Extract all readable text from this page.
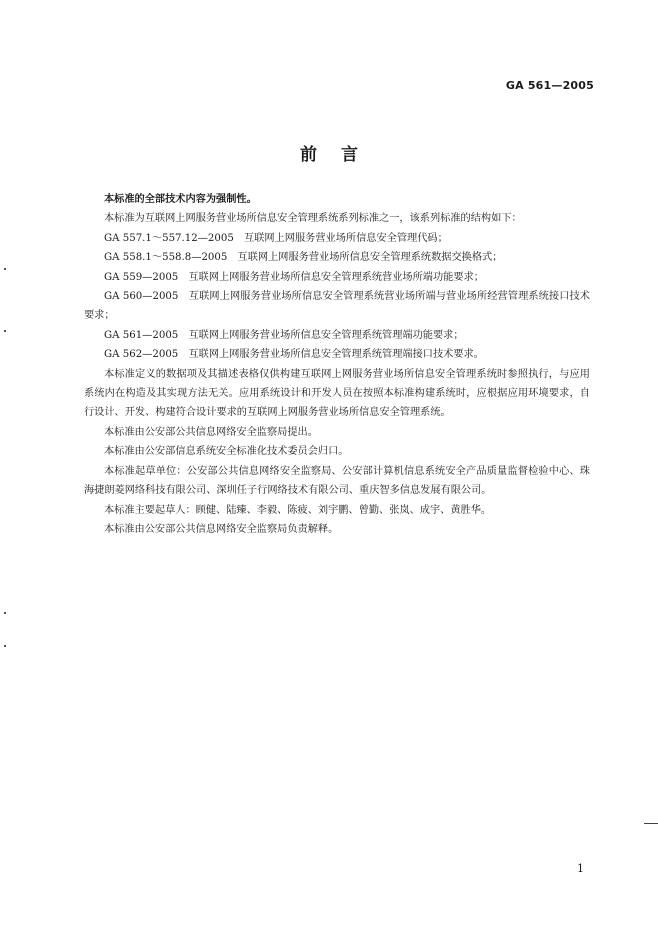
GA 561—2005
前言

本标准的全部技术内容为强制性。

本标准为互联网上网服务营业场所信息安全管理系统系列标准之一，该系列标准的结构如下：

GA 557.1～557.12—2005　互联网上网服务营业场所信息安全管理代码；

GA 558.1～558.8—2005　互联网上网服务营业场所信息安全管理系统数据交换格式；

GA 559—2005　互联网上网服务营业场所信息安全管理系统营业场所端功能要求；

GA 560—2005　互联网上网服务营业场所信息安全管理系统营业场所端与营业场所经营管理系统接口技术要求；

GA 561—2005　互联网上网服务营业场所信息安全管理系统管理端功能要求；

GA 562—2005　互联网上网服务营业场所信息安全管理系统管理端接口技术要求。

本标准定义的数据项及其描述表格仅供构建互联网上网服务营业场所信息安全管理系统时参照执行，与应用系统内在构造及其实现方法无关。应用系统设计和开发人员在按照本标准构建系统时，应根据应用环境要求，自行设计、开发、构建符合设计要求的互联网上网服务营业场所信息安全管理系统。

本标准由公安部公共信息网络安全监察局提出。

本标准由公安部信息系统安全标准化技术委员会归口。

本标准起草单位：公安部公共信息网络安全监察局、公安部计算机信息系统安全产品质量监督检验中心、珠海捷朗菱网络科技有限公司、深圳任子行网络技术有限公司、重庆智多信息发展有限公司。

本标准主要起草人：顾健、陆臻、李毅、陈疲、刘宇鹏、曾勤、张岚、成宇、黄胜华。

本标准由公安部公共信息网络安全监察局负责解释。

1
